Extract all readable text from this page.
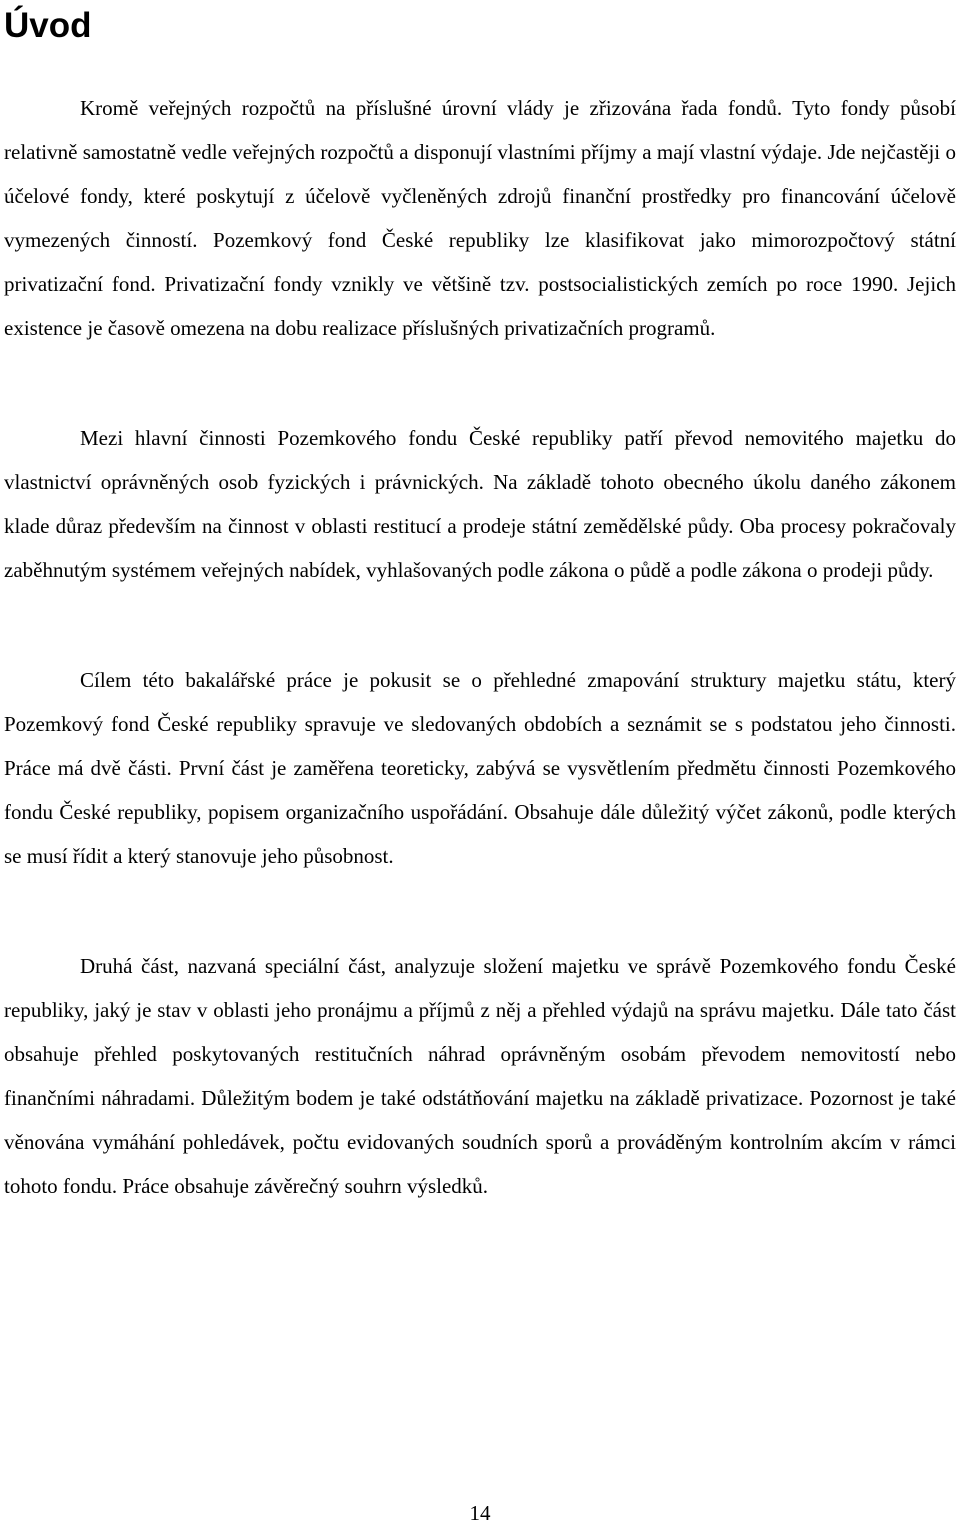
Úvod

Kromě veřejných rozpočtů na příslušné úrovní vlády je zřizována řada fondů. Tyto fondy působí relativně samostatně vedle veřejných rozpočtů a disponují vlastními příjmy a mají vlastní výdaje. Jde nejčastěji o účelové fondy, které poskytují z účelově vyčleněných zdrojů finanční prostředky pro financování účelově vymezených činností. Pozemkový fond České republiky lze klasifikovat jako mimorozpočtový státní privatizační fond. Privatizační fondy vznikly ve většině tzv. postsocialistických zemích po roce 1990. Jejich existence je časově omezena na dobu realizace příslušných privatizačních programů.

Mezi hlavní činnosti Pozemkového fondu České republiky patří převod nemovitého majetku do vlastnictví oprávněných osob fyzických i právnických. Na základě tohoto obecného úkolu daného zákonem klade důraz především na činnost v oblasti restitucí a prodeje státní zemědělské půdy. Oba procesy pokračovaly zaběhnutým systémem veřejných nabídek, vyhlašovaných podle zákona o půdě a podle zákona o prodeji půdy.

Cílem této bakalářské práce je pokusit se o přehledné zmapování struktury majetku státu, který Pozemkový fond České republiky spravuje ve sledovaných obdobích a seznámit se s podstatou jeho činnosti. Práce má dvě části. První část je zaměřena teoreticky, zabývá se vysvětlením předmětu činnosti Pozemkového fondu České republiky, popisem organizačního uspořádání. Obsahuje dále důležitý výčet zákonů, podle kterých se musí řídit a který stanovuje jeho působnost.

Druhá část, nazvaná speciální část, analyzuje složení majetku ve správě Pozemkového fondu České republiky, jaký je stav v oblasti jeho pronájmu a příjmů z něj a přehled výdajů na správu majetku. Dále tato část obsahuje přehled poskytovaných restitučních náhrad oprávněným osobám převodem nemovitostí nebo finančními náhradami. Důležitým bodem je také odstátňování majetku na základě privatizace. Pozornost je také věnována vymáhání pohledávek, počtu evidovaných soudních sporů a prováděným kontrolním akcím v rámci tohoto fondu. Práce obsahuje závěrečný souhrn výsledků.

14
